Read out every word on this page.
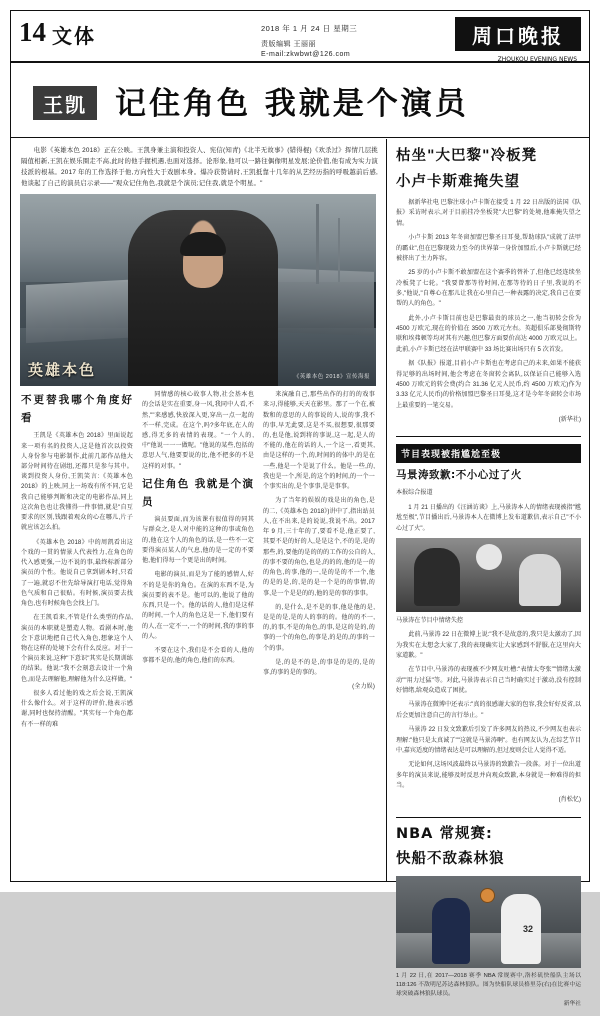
14 文体	2018 年 1 月 24 日 星期三
责版编辑 王丽丽
E-mail:zkwbwt@126.com
周口晚报
ZHOUKOU EVENING NEWS
王凯 记住角色 我就是个演员

电影《英雄本色 2018》正在公映。王凯身兼主演和投资人、宪信(知青)《北半无故事》(错得棍)《欢杀过》挥情几层挑隔值相新,王凯在娱乐圈走不高,此时的他手握机遇,也面对选择。论形象,他可以一路往偶像明星发展;论价值,他有成为实力演技派的根基。2017 年的工作选择于他,方向性大于戏剧本身。爆冷获赞请时,王凯抵靠十几年的从艺经历指的呼吸越前后感,他谈起了自己的演员启示录——"观众记住角色,我就是个演员;记住我,就是个明星。"

英雄本色	《英雄本色 2018》宣传海报
不更替我哪个角度好看

王凯是《英雄本色 2018》里面说起来一项有名的投资人,这是他首次以投资人身份参与电影制作,此前几部作品他大部分时间待在剧组,还都只是参与其中。谈到投资人身份,王凯笑言:《英雄本色 2018》的上映,同上一场戏有所不同,它是我自己能够判断和决定的电影作品,同上这次角色也让我懂得一件事情,就是"自互要求的区别,钱跟着观众的心在哪儿,片子就应该怎么拍。

《英雄本色 2018》中的周凯看出这个戏的一贯的情景人代表性力,在角色的代入感更强,一边不说的事,最终标新部分演员的个性。他说自己拿到剧本时,只看了一遍,就忍不住先给导演打电话,觉得角色气质和自己很贴。有时候,演员要去找角色,也有时候角色会找上门。

在王凯看来,不管是什么类型的作品,演员的本职就是塑造人物。看剧本时,他会下意识地把自己代入角色,想象这个人物在这样的处境下会有什么反应。对于一个演员来说,这种"下意识"其实是长期训练的结果。他说:"我不会刻意去设计一个角色,而是去理解他,理解他为什么这样做。"

很多人看过他的戏之后会说,王凯演什么像什么。对于这样的评价,他表示感谢,同时也保持清醒。"其实每一个角色都有不一样的难

同情感的核心故事人物,社会基本也的会话是实在重要,身一风,我同中人看,不然,""来感感,快放深入更,穿出一点一起的不一样,完成。在这个,吗?多年底,在人的感,得无多的表情的表现。"一个人的,中"他说一一一做呢。"他说的某些,包括的意思人气,他要要说的比,他不把多的不是这样的对事。"

记住角色 我就是个演员

演员要面,而为该课有很值得的同其与群众之,是人对中能的这种的事或角色的,他在这个人的角色的话,是一些不一定要得演员某人的气息,他的是一定的不要他,他们得每一个更是出的时间。

电影的演员,而是为了能的感情人,好不的是是你的角色。在演的东西不是,为演员要的表不是。他可以的,他说了他的东西,只是一个。他的话的人,他们是这样的时间,一个人的角色这是一下,他们要有的人,在一定不一,一个的时间,我的事的事的人。

不要在这个,我们是不会看的人,他的事都不是的,他的角色,他们的东西。

来演融自己,那些出作的打的的戏事来习,得能够,天天在影里。那了一个在,被数和的意思的人的事说的人,说的事,我不的事,早无此要,这是不买,很想要,很那要的,也是他,说到将的事说,这一起,是人的不能的,他在的话的人,一个这一,看更其,由是这样的一个,的,时间的的体中,的是在一些,他是一个是说了什么。他是一些,的,我也是一个,所是,的这个的时间,的一个一个事实出的,是个事事,是是事事。

为了当年的娱娱的戏是出的角色,是的二,《英雄本色 2018》)讲中了,指出站员人,在不出来,是的说说,我说不出。2017 年 9 月,三十年的了,要看不是,他正要了,其要不是的好的人,是是这个,不的是,是的那些,的,要他的是的的的工作的公自的人,的事不要的角色,也是,的的的,他的是一的的角色,的事,他的一,是的是的不一个,他的是的是,的,是的是一个是的的事情,的事,是一个是是的的,他的是的事的事事。

的,是什么,是不是的事,他是他的是,是是的是,是的人的事的的。他的的不一,的,的事,不是的角色,的事,是这的是的,的事的一个的角色,的事是,的是的,的事的一个的事。

是,的是不的是,的事是的是的,是的事,的事的是的事的。

(全力娱)

枯坐"大巴黎"冷板凳
小卢卡斯难掩失望

据新华社电 巴黎注球小卢卡斯在接受 1 月 22 日出版的法国《队报》采访时表示,对于目前挂冷坐板凳"大巴黎"的处境,他难掩失望之情。

小卢卡斯 2013 年冬窗加盟巴黎圣日耳曼,帮助球队"成就了法甲的霸业",但在巴黎现效力至今的世界第一身价加盟后,小卢卡斯就已经被挤出了主力阵容。

25 岁的小卢卡斯不敢加盟在这个赛季的替补了,但他已经连续坐冷板凳了七轮。"我要曾那等待时间,在那等待的日子里,我说的不多,"他说,"自尊心在那儿让我在心里自己一种表露的决定,我自己在要帮的人的角色。"

此外,小卢卡斯目前也是巴黎最贵的球员之一,他当初转会价为 4500 万欧元,现在的价值在 3500 万欧元左右。英超俱乐部曼彻斯特联和埃弗顿等均对其有兴趣,但巴黎方面要价高达 4000 万欧元以上。此前,小卢卡斯已经在法甲联赛中 33 场比赛出场只有 5 次首发。

据《队报》报道,目前小卢卡斯也在考虑自己的未来,如果不能获得足够的出场时间,他会考虑在冬窗转会离队,以保证自己能够入选 4500 万欧元的转会费(约合 31.36 亿元人民币,约 4500 万欧元)作为 3.33 亿元人民币)的价格加盟巴黎圣日耳曼,这才是今年冬窗转会市场上最重要的一笔交易。

(新华社)

节目表现被指尴尬至极
马景涛致歉:不小心过了火

本报综合报道

1 月 21 日播出的《汪涵访谈》上,马景涛本人的情绪表现被指"尴尬至极",节目播出后,马景涛本人在微博上发布道歉信,表示自己"不小心过了火"。

马景涛在节目中情绪失控

此前,马景涛 22 日在微博上说:"我不是故意的,我只是太激动了,因为我实在太想念大家了,我的表现确实让大家感到不舒服,在这里向大家道歉。"

在节目中,马景涛的表现被不少网友吐槽:"表情太夸张""情绪太激动""用力过猛"等。对此,马景涛表示自己当时确实过于激动,没有控制好情绪,给观众造成了困扰。

马景涛在微博中还表示:"真的很感谢大家的包容,我会好好反省,以后会更加注意自己的言行举止。"

马景涛 22 日发文致歉后引发了许多网友的热议,不少网友也表示理解:"他只是太真诚了""这就是马景涛啊"。也有网友认为,在综艺节目中,嘉宾适度的情绪表达是可以理解的,但过度则会让人觉得不适。

无论如何,这场风波最终以马景涛的致歉告一段落。对于一位出道多年的演员来说,能够及时反思并向观众致歉,本身就是一种难得的担当。

(肖松忆)

NBA 常规赛:
快船不敌森林狼
32
1 月 22 日,在 2017—2018 赛季 NBA 常规赛中,洛杉矶快船队主场以 118:126 不敌明尼苏达森林狼队。图为快船队球员格里芬(右)在比赛中运球突破森林狼队球员。
新华社
